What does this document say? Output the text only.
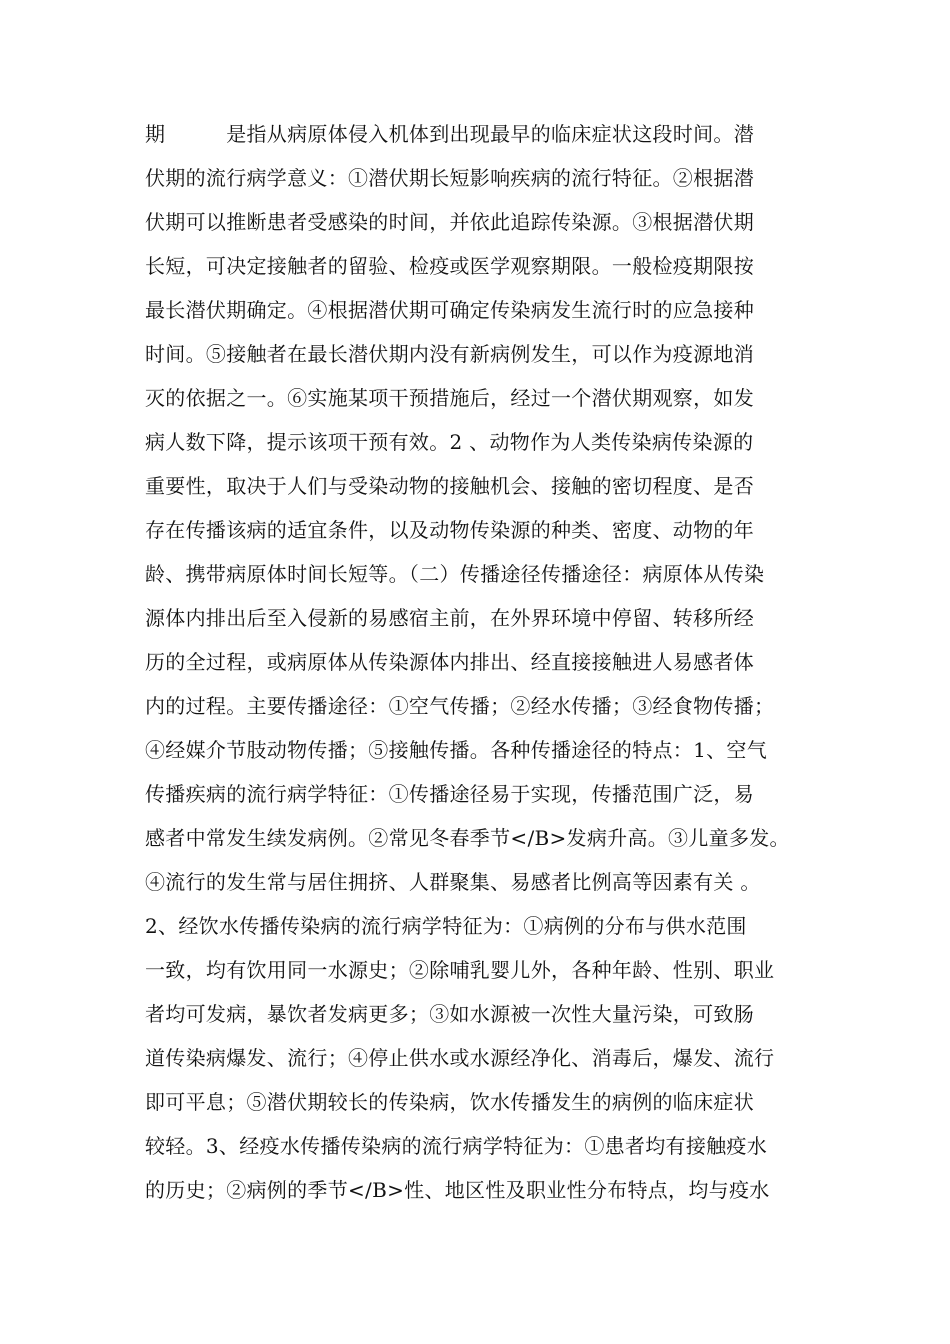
期　　　是指从病原体侵入机体到出现最早的临床症状这段时间。潜
伏期的流行病学意义：①潜伏期长短影响疾病的流行特征。②根据潜
伏期可以推断患者受感染的时间，并依此追踪传染源。③根据潜伏期
长短，可决定接触者的留验、检疫或医学观察期限。一般检疫期限按
最长潜伏期确定。④根据潜伏期可确定传染病发生流行时的应急接种
时间。⑤接触者在最长潜伏期内没有新病例发生，可以作为疫源地消
灭的依据之一。⑥实施某项干预措施后，经过一个潜伏期观察，如发
病人数下降，提示该项干预有效。2 、动物作为人类传染病传染源的
重要性，取决于人们与受染动物的接触机会、接触的密切程度、是否
存在传播该病的适宜条件，以及动物传染源的种类、密度、动物的年
龄、携带病原体时间长短等。（二）传播途径传播途径：病原体从传染
源体内排出后至入侵新的易感宿主前，在外界环境中停留、转移所经
历的全过程，或病原体从传染源体内排出、经直接接触进人易感者体
内的过程。主要传播途径：①空气传播；②经水传播；③经食物传播；
④经媒介节肢动物传播；⑤接触传播。各种传播途径的特点：1、空气
传播疾病的流行病学特征：①传播途径易于实现，传播范围广泛，易
感者中常发生续发病例。②常见冬春季节</B>发病升高。③儿童多发。
④流行的发生常与居住拥挤、人群聚集、易感者比例高等因素有关 。
2、经饮水传播传染病的流行病学特征为：①病例的分布与供水范围
一致，均有饮用同一水源史；②除哺乳婴儿外，各种年龄、性别、职业
者均可发病，暴饮者发病更多；③如水源被一次性大量污染，可致肠
道传染病爆发、流行；④停止供水或水源经净化、消毒后，爆发、流行
即可平息；⑤潜伏期较长的传染病，饮水传播发生的病例的临床症状
较轻。3、经疫水传播传染病的流行病学特征为：①患者均有接触疫水
的历史；②病例的季节</B>性、地区性及职业性分布特点，均与疫水
